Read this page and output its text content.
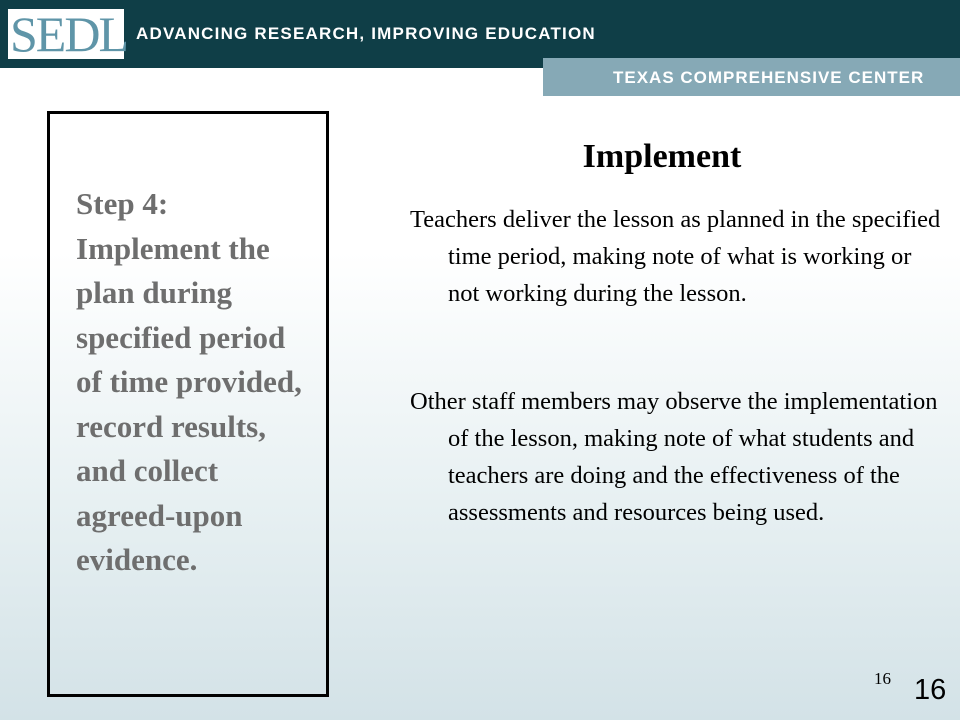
SEDL ADVANCING RESEARCH, IMPROVING EDUCATION
TEXAS COMPREHENSIVE CENTER
Step 4: Implement the plan during specified period of time provided, record results, and collect agreed-upon evidence.
Implement
Teachers deliver the lesson as planned in the specified time period, making note of what is working or not working during the lesson.
Other staff members may observe the implementation of the lesson, making note of what students and teachers are doing and the effectiveness of the assessments and resources being used.
16 16
